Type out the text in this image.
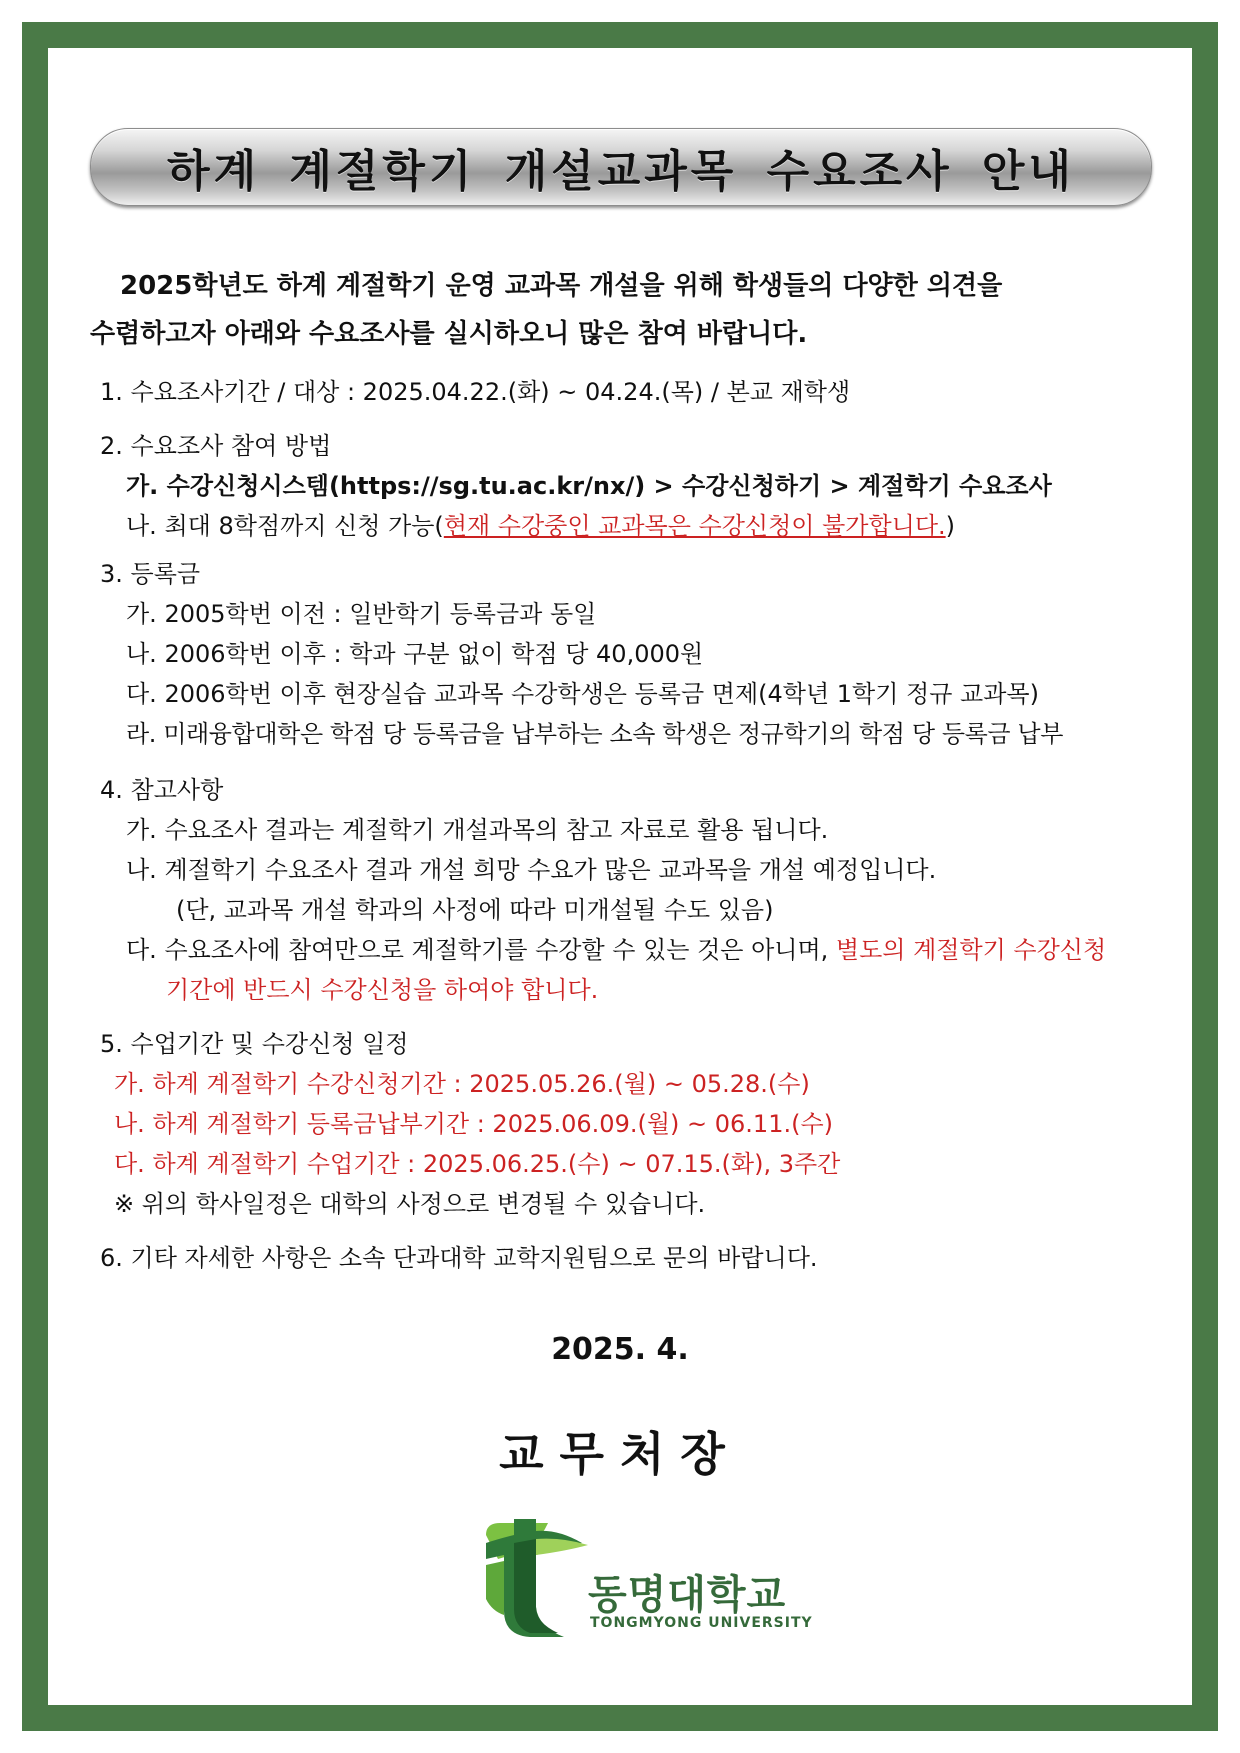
하계 계절학기 개설교과목 수요조사 안내
2025학년도 하계 계절학기 운영 교과목 개설을 위해 학생들의 다양한 의견을
수렴하고자 아래와 수요조사를 실시하오니 많은 참여 바랍니다.
1. 수요조사기간 / 대상 : 2025.04.22.(화) ~ 04.24.(목) / 본교 재학생
2. 수요조사 참여 방법
가. 수강신청시스템(https://sg.tu.ac.kr/nx/) > 수강신청하기 > 계절학기 수요조사
나. 최대 8학점까지 신청 가능(현재 수강중인 교과목은 수강신청이 불가합니다.)
3. 등록금
가. 2005학번 이전 : 일반학기 등록금과 동일
나. 2006학번 이후 : 학과 구분 없이 학점 당 40,000원
다. 2006학번 이후 현장실습 교과목 수강학생은 등록금 면제(4학년 1학기 정규 교과목)
라. 미래융합대학은 학점 당 등록금을 납부하는 소속 학생은 정규학기의 학점 당 등록금 납부
4. 참고사항
가. 수요조사 결과는 계절학기 개설과목의 참고 자료로 활용 됩니다.
나. 계절학기 수요조사 결과 개설 희망 수요가 많은 교과목을 개설 예정입니다.
(단, 교과목 개설 학과의 사정에 따라 미개설될 수도 있음)
다. 수요조사에 참여만으로 계절학기를 수강할 수 있는 것은 아니며, 별도의 계절학기 수강신청
기간에 반드시 수강신청을 하여야 합니다.
5. 수업기간 및 수강신청 일정
가. 하계 계절학기 수강신청기간 : 2025.05.26.(월) ~ 05.28.(수)
나. 하계 계절학기 등록금납부기간 : 2025.06.09.(월) ~ 06.11.(수)
다. 하계 계절학기 수업기간 : 2025.06.25.(수) ~ 07.15.(화), 3주간
※ 위의 학사일정은 대학의 사정으로 변경될 수 있습니다.
6. 기타 자세한 사항은 소속 단과대학 교학지원팀으로 문의 바랍니다.
2025. 4.
교무처장
동명대학교
TONGMYONG UNIVERSITY
